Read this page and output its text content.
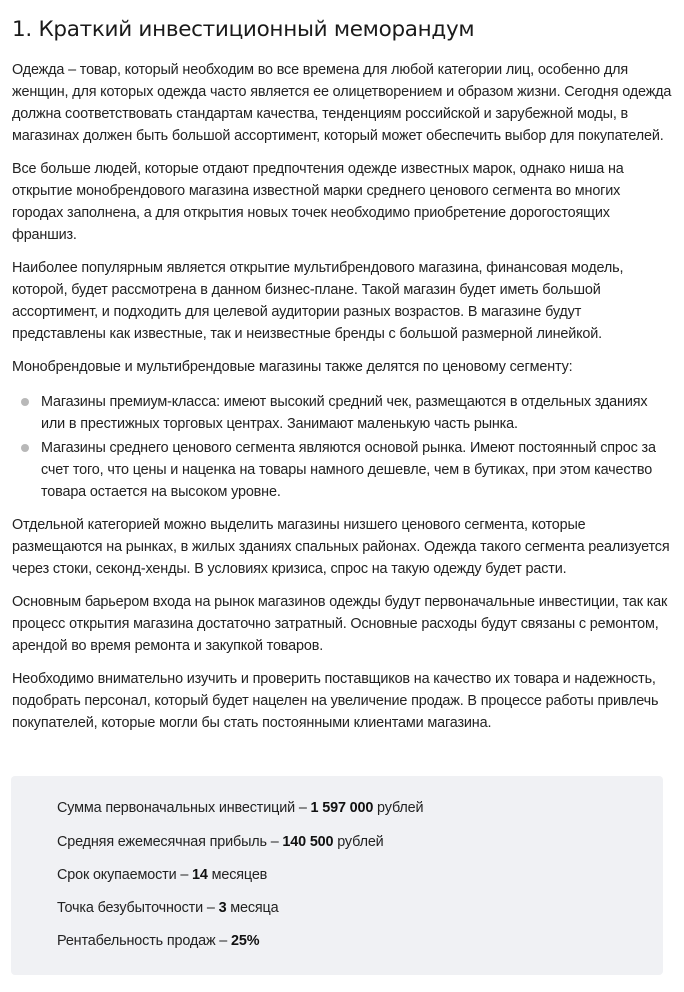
1. Краткий инвестиционный меморандум

Одежда – товар, который необходим во все времена для любой категории лиц, особенно для женщин, для которых одежда часто является ее олицетворением и образом жизни. Сегодня одежда должна соответствовать стандартам качества, тенденциям российской и зарубежной моды, в магазинах должен быть большой ассортимент, который может обеспечить выбор для покупателей.

Все больше людей, которые отдают предпочтения одежде известных марок, однако ниша на открытие монобрендового магазина известной марки среднего ценового сегмента во многих городах заполнена, а для открытия новых точек необходимо приобретение дорогостоящих франшиз.

Наиболее популярным является открытие мультибрендового магазина, финансовая модель, которой, будет рассмотрена в данном бизнес-плане. Такой магазин будет иметь большой ассортимент, и подходить для целевой аудитории разных возрастов. В магазине будут представлены как известные, так и неизвестные бренды с большой размерной линейкой.

Монобрендовые и мультибрендовые магазины также делятся по ценовому сегменту:

Магазины премиум-класса: имеют высокий средний чек, размещаются в отдельных зданиях или в престижных торговых центрах. Занимают маленькую часть рынка.
Магазины среднего ценового сегмента являются основой рынка. Имеют постоянный спрос за счет того, что цены и наценка на товары намного дешевле, чем в бутиках, при этом качество товара остается на высоком уровне.

Отдельной категорией можно выделить магазины низшего ценового сегмента, которые размещаются на рынках, в жилых зданиях спальных районах. Одежда такого сегмента реализуется через стоки, секонд-хенды. В условиях кризиса, спрос на такую одежду будет расти.

Основным барьером входа на рынок магазинов одежды будут первоначальные инвестиции, так как процесс открытия магазина достаточно затратный. Основные расходы будут связаны с ремонтом, арендой во время ремонта и закупкой товаров.

Необходимо внимательно изучить и проверить поставщиков на качество их товара и надежность, подобрать персонал, который будет нацелен на увеличение продаж. В процессе работы привлечь покупателей, которые могли бы стать постоянными клиентами магазина.

Сумма первоначальных инвестиций – 1 597 000 рублей
Средняя ежемесячная прибыль – 140 500 рублей
Срок окупаемости – 14 месяцев
Точка безубыточности – 3 месяца
Рентабельность продаж – 25%
